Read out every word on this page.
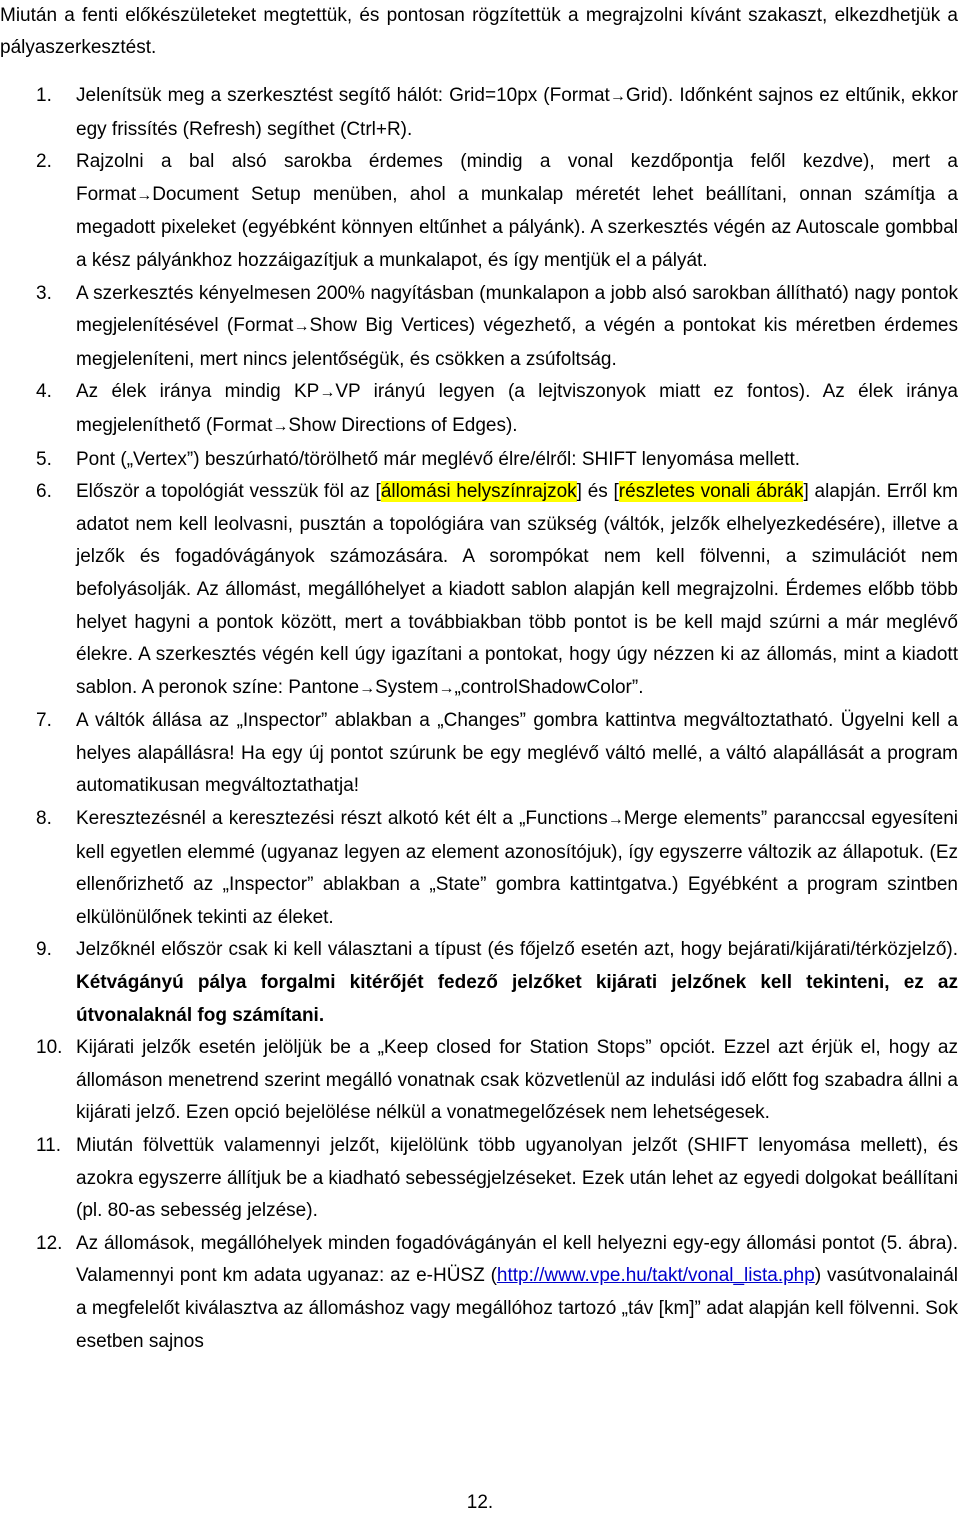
Miután a fenti előkészületeket megtettük, és pontosan rögzítettük a megrajzolni kívánt szakaszt, elkezdhetjük a pályaszerkesztést.
1. Jelenítsük meg a szerkesztést segítő hálót: Grid=10px (Format→Grid). Időnként sajnos ez eltűnik, ekkor egy frissítés (Refresh) segíthet (Ctrl+R).
2. Rajzolni a bal alsó sarokba érdemes (mindig a vonal kezdőpontja felől kezdve), mert a Format→Document Setup menüben, ahol a munkalap méretét lehet beállítani, onnan számítja a megadott pixeleket (egyébként könnyen eltűnhet a pályánk). A szerkesztés végén az Autoscale gombbal a kész pályánkhoz hozzáigazítjuk a munkalapot, és így mentjük el a pályát.
3. A szerkesztés kényelmesen 200% nagyításban (munkalapon a jobb alsó sarokban állítható) nagy pontok megjelenítésével (Format→Show Big Vertices) végezhető, a végén a pontokat kis méretben érdemes megjeleníteni, mert nincs jelentőségük, és csökken a zsúfoltság.
4. Az élek iránya mindig KP→VP irányú legyen (a lejtviszonyok miatt ez fontos). Az élek iránya megjeleníthető (Format→Show Directions of Edges).
5. Pont („Vertex”) beszúrható/törölhető már meglévő élre/élről: SHIFT lenyomása mellett.
6. Először a topológiát vesszük föl az [állomási helyszínrajzok] és [részletes vonali ábrák] alapján. Erről km adatot nem kell leolvasni, pusztán a topológiára van szükség (váltók, jelzők elhelyezkedésére), illetve a jelzők és fogadóvágányok számozására. A sorompókat nem kell fölvenni, a szimulációt nem befolyásolják. Az állomást, megállóhelyet a kiadott sablon alapján kell megrajzolni. Érdemes előbb több helyet hagyni a pontok között, mert a továbbiakban több pontot is be kell majd szúrni a már meglévő élekre. A szerkesztés végén kell úgy igazítani a pontokat, hogy úgy nézzen ki az állomás, mint a kiadott sablon. A peronok színe: Pantone→System→„controlShadowColor”.
7. A váltók állása az „Inspector” ablakban a „Changes” gombra kattintva megváltoztatható. Ügyelni kell a helyes alapállásra! Ha egy új pontot szúrunk be egy meglévő váltó mellé, a váltó alapállását a program automatikusan megváltoztathatja!
8. Keresztezésnél a keresztezési részt alkotó két élt a „Functions→Merge elements” paranccsal egyesíteni kell egyetlen elemmé (ugyanaz legyen az element azonosítójuk), így egyszerre változik az állapotuk. (Ez ellenőrizhető az „Inspector” ablakban a „State” gombra kattintgatva.) Egyébként a program szintben elkülönülőnek tekinti az éleket.
9. Jelzőknél először csak ki kell választani a típust (és főjelző esetén azt, hogy bejárati/kijárati/térközjelző). Kétvágányú pálya forgalmi kitérőjét fedező jelzőket kijárati jelzőnek kell tekinteni, ez az útvonalaknál fog számítani.
10. Kijárati jelzők esetén jelöljük be a „Keep closed for Station Stops” opciót. Ezzel azt érjük el, hogy az állomáson menetrend szerint megálló vonatnak csak közvetlenül az indulási idő előtt fog szabadra állni a kijárati jelző. Ezen opció bejelölése nélkül a vonatmegelőzések nem lehetségesek.
11. Miután fölvettük valamennyi jelzőt, kijelölünk több ugyanolyan jelzőt (SHIFT lenyomása mellett), és azokra egyszerre állítjuk be a kiadható sebességjelzéseket. Ezek után lehet az egyedi dolgokat beállítani (pl. 80-as sebesség jelzése).
12. Az állomások, megállóhelyek minden fogadóvágányán el kell helyezni egy-egy állomási pontot (5. ábra). Valamennyi pont km adata ugyanaz: az e-HÜSZ (http://www.vpe.hu/takt/vonal_lista.php) vasútvonalainál a megfelelőt kiválasztva az állomáshoz vagy megállóhoz tartozó „táv [km]” adat alapján kell fölvenni. Sok esetben sajnos
12.
